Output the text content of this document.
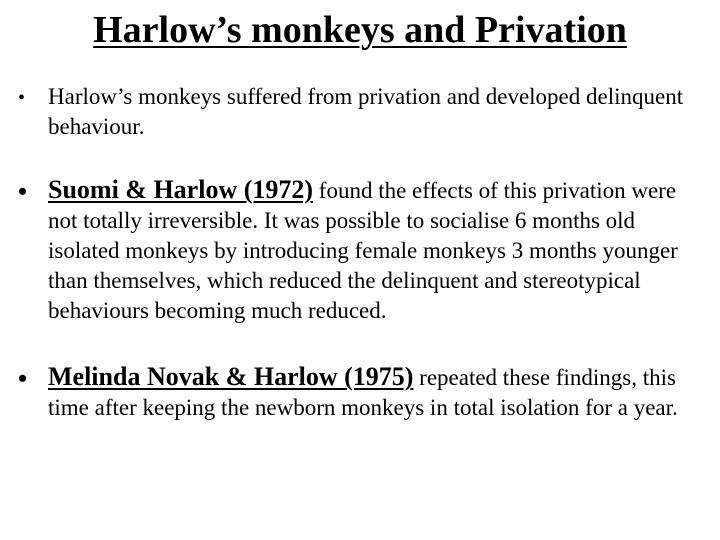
Harlow’s monkeys and Privation
• Harlow’s monkeys suffered from privation and developed delinquent behaviour.
• Suomi & Harlow (1972) found the effects of this privation were not totally irreversible. It was possible to socialise 6 months old isolated monkeys by introducing female monkeys 3 months younger than themselves, which reduced the delinquent and stereotypical behaviours becoming much reduced.
• Melinda Novak & Harlow (1975) repeated these findings, this time after keeping the newborn monkeys in total isolation for a year.
